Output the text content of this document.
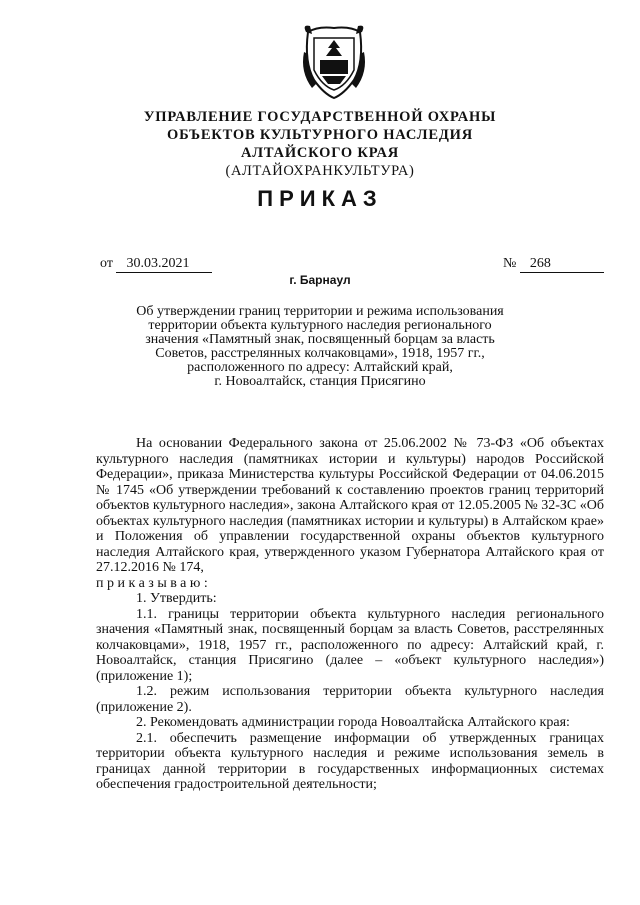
УПРАВЛЕНИЕ ГОСУДАРСТВЕННОЙ ОХРАНЫ
ОБЪЕКТОВ КУЛЬТУРНОГО НАСЛЕДИЯ
АЛТАЙСКОГО КРАЯ
(АЛТАЙОХРАНКУЛЬТУРА)
ПРИКАЗ
от 30.03.2021	№ 268
г. Барнаул
Об утверждении границ территории и режима использования
территории объекта культурного наследия регионального
значения «Памятный знак, посвященный борцам за власть
Советов, расстрелянных колчаковцами», 1918, 1957 гг.,
расположенного по адресу: Алтайский край,
г. Новоалтайск, станция Присягино

На основании Федерального закона от 25.06.2002 № 73-ФЗ «Об объектах культурного наследия (памятниках истории и культуры) народов Российской Федерации», приказа Министерства культуры Российской Федерации от 04.06.2015 № 1745 «Об утверждении требований к составлению проектов границ территорий объектов культурного наследия», закона Алтайского края от 12.05.2005 № 32-ЗС «Об объектах культурного наследия (памятниках истории и культуры) в Алтайском крае» и Положения об управлении государственной охраны объектов культурного наследия Алтайского края, утвержденного указом Губернатора Алтайского края от 27.12.2016 № 174,

приказываю:

1. Утвердить:

1.1. границы территории объекта культурного наследия регионального значения «Памятный знак, посвященный борцам за власть Советов, расстрелянных колчаковцами», 1918, 1957 гг., расположенного по адресу: Алтайский край, г. Новоалтайск, станция Присягино (далее – «объект культурного наследия») (приложение 1);

1.2. режим использования территории объекта культурного наследия (приложение 2).

2. Рекомендовать администрации города Новоалтайска Алтайского края:

2.1. обеспечить размещение информации об утвержденных границах территории объекта культурного наследия и режиме использования земель в границах данной территории в государственных информационных системах обеспечения градостроительной деятельности;
